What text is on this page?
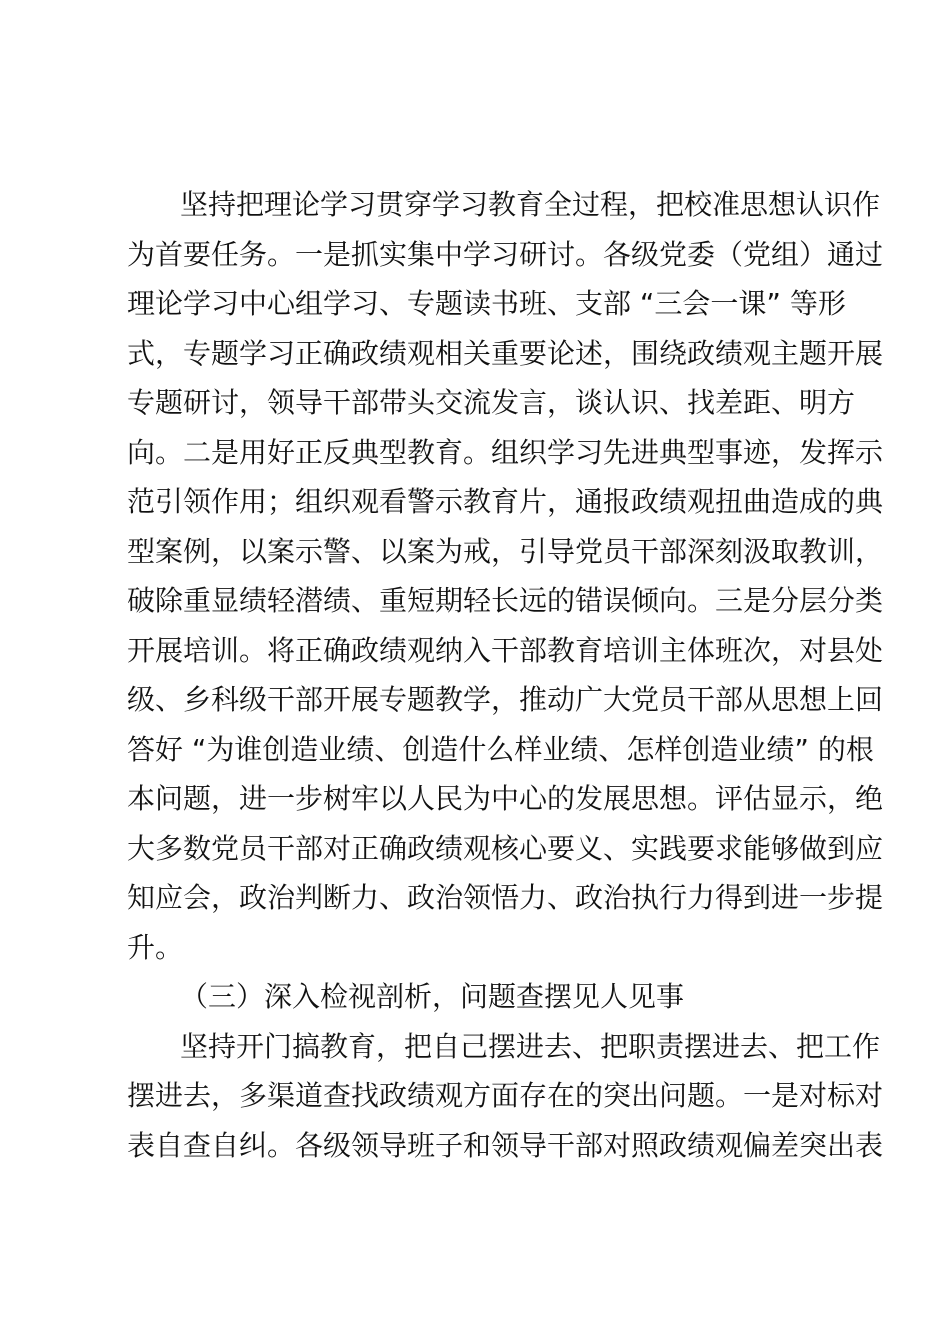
坚持把理论学习贯穿学习教育全过程，把校准思想认识作
为首要任务。一是抓实集中学习研讨。各级党委（党组）通过
理论学习中心组学习、专题读书班、支部 “三会一课” 等形
式，专题学习正确政绩观相关重要论述，围绕政绩观主题开展
专题研讨，领导干部带头交流发言，谈认识、找差距、明方
向。二是用好正反典型教育。组织学习先进典型事迹，发挥示
范引领作用；组织观看警示教育片，通报政绩观扭曲造成的典
型案例，以案示警、以案为戒，引导党员干部深刻汲取教训，
破除重显绩轻潜绩、重短期轻长远的错误倾向。三是分层分类
开展培训。将正确政绩观纳入干部教育培训主体班次，对县处
级、乡科级干部开展专题教学，推动广大党员干部从思想上回
答好 “为谁创造业绩、创造什么样业绩、怎样创造业绩” 的根
本问题，进一步树牢以人民为中心的发展思想。评估显示，绝
大多数党员干部对正确政绩观核心要义、实践要求能够做到应
知应会，政治判断力、政治领悟力、政治执行力得到进一步提
升。
（三）深入检视剖析，问题查摆见人见事
坚持开门搞教育，把自己摆进去、把职责摆进去、把工作
摆进去，多渠道查找政绩观方面存在的突出问题。一是对标对
表自查自纠。各级领导班子和领导干部对照政绩观偏差突出表
